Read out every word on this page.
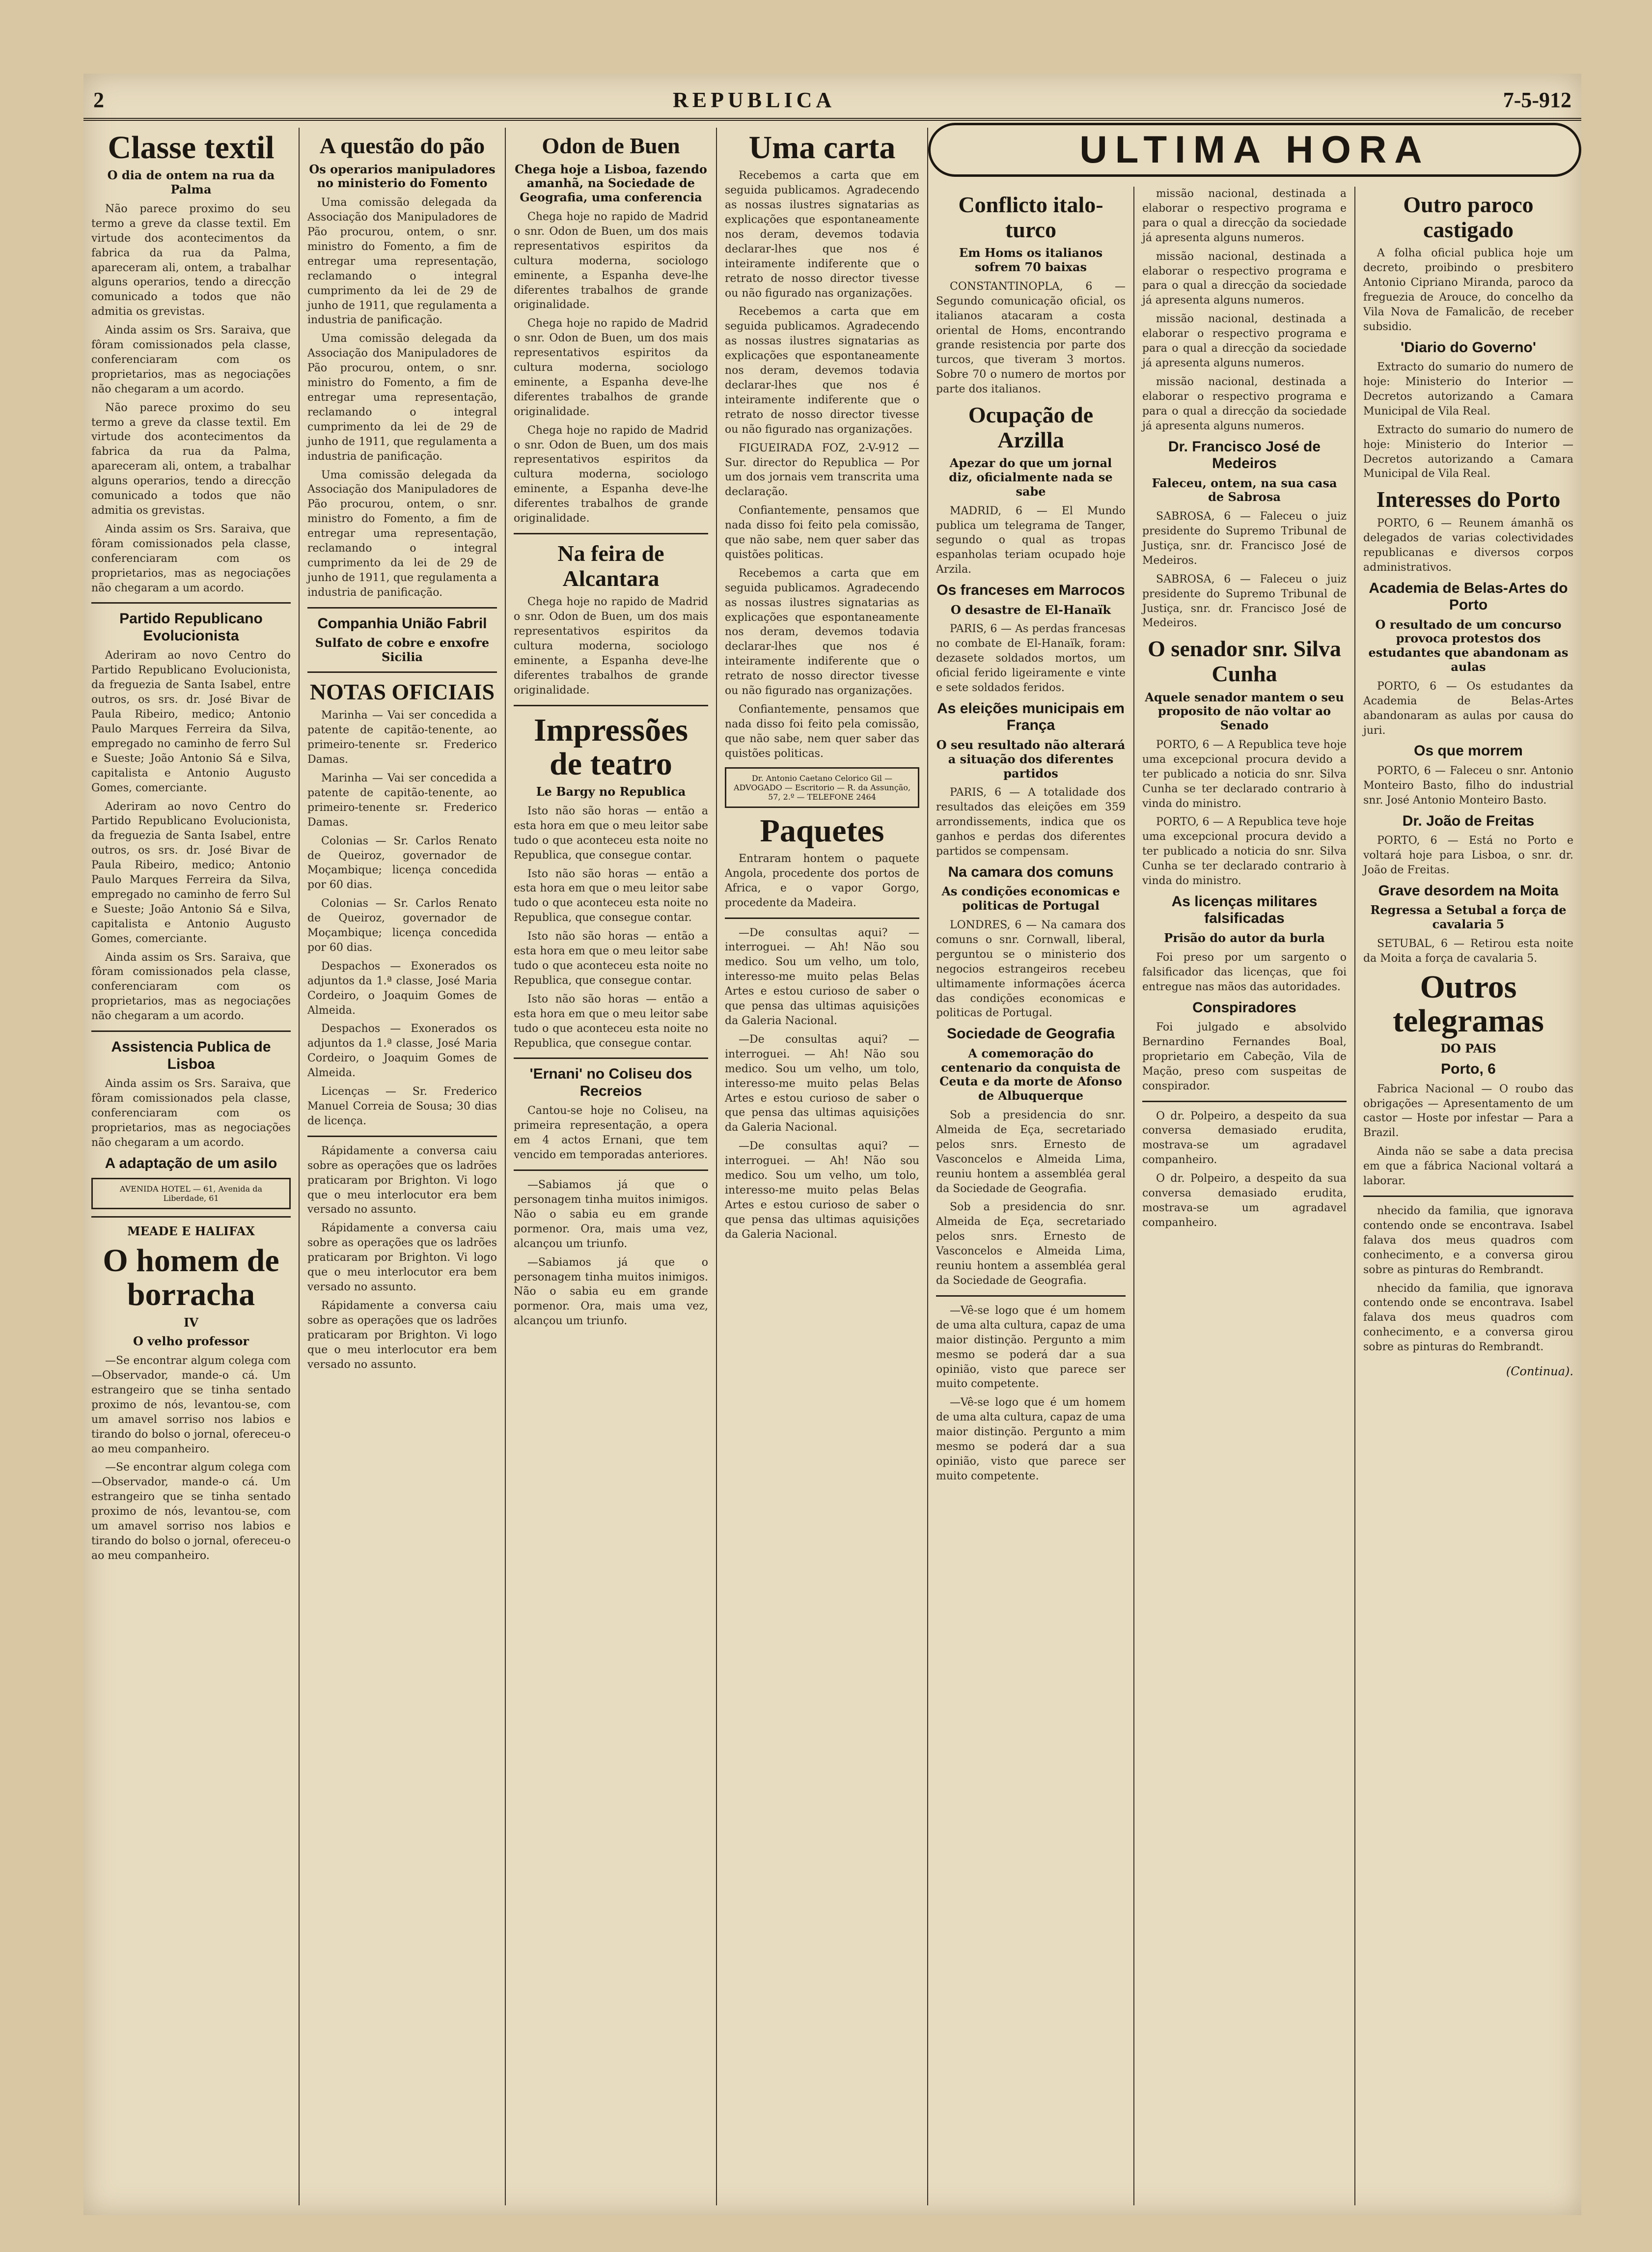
2	REPUBLICA	7-5-912
Classe textil
O dia de ontem na rua da Palma

Não parece proximo do seu termo a greve da classe textil. Em virtude dos acontecimentos da fabrica da rua da Palma, apareceram ali, ontem, a trabalhar alguns operarios, tendo a direcção comunicado a todos que não admitia os grevistas.

Ainda assim os Srs. Saraiva, que fôram comissionados pela classe, conferenciaram com os proprietarios, mas as negociações não chegaram a um acordo.

Não parece proximo do seu termo a greve da classe textil. Em virtude dos acontecimentos da fabrica da rua da Palma, apareceram ali, ontem, a trabalhar alguns operarios, tendo a direcção comunicado a todos que não admitia os grevistas.

Ainda assim os Srs. Saraiva, que fôram comissionados pela classe, conferenciaram com os proprietarios, mas as negociações não chegaram a um acordo.

Partido Republicano Evolucionista

Aderiram ao novo Centro do Partido Republicano Evolucionista, da freguezia de Santa Isabel, entre outros, os srs. dr. José Bivar de Paula Ribeiro, medico; Antonio Paulo Marques Ferreira da Silva, empregado no caminho de ferro Sul e Sueste; João Antonio Sá e Silva, capitalista e Antonio Augusto Gomes, comerciante.

Aderiram ao novo Centro do Partido Republicano Evolucionista, da freguezia de Santa Isabel, entre outros, os srs. dr. José Bivar de Paula Ribeiro, medico; Antonio Paulo Marques Ferreira da Silva, empregado no caminho de ferro Sul e Sueste; João Antonio Sá e Silva, capitalista e Antonio Augusto Gomes, comerciante.

Ainda assim os Srs. Saraiva, que fôram comissionados pela classe, conferenciaram com os proprietarios, mas as negociações não chegaram a um acordo.

Assistencia Publica de Lisboa

Ainda assim os Srs. Saraiva, que fôram comissionados pela classe, conferenciaram com os proprietarios, mas as negociações não chegaram a um acordo.

A adaptação de um asilo
AVENIDA HOTEL — 61, Avenida da Liberdade, 61
MEADE E HALIFAX
O homem de borracha
IV
O velho professor

—Se encontrar algum colega com—Observador, mande-o cá. Um estrangeiro que se tinha sentado proximo de nós, levantou-se, com um amavel sorriso nos labios e tirando do bolso o jornal, ofereceu-o ao meu companheiro.

—Se encontrar algum colega com—Observador, mande-o cá. Um estrangeiro que se tinha sentado proximo de nós, levantou-se, com um amavel sorriso nos labios e tirando do bolso o jornal, ofereceu-o ao meu companheiro.

A questão do pão
Os operarios manipuladores no ministerio do Fomento

Uma comissão delegada da Associação dos Manipuladores de Pão procurou, ontem, o snr. ministro do Fomento, a fim de entregar uma representação, reclamando o integral cumprimento da lei de 29 de junho de 1911, que regulamenta a industria de panificação.

Uma comissão delegada da Associação dos Manipuladores de Pão procurou, ontem, o snr. ministro do Fomento, a fim de entregar uma representação, reclamando o integral cumprimento da lei de 29 de junho de 1911, que regulamenta a industria de panificação.

Uma comissão delegada da Associação dos Manipuladores de Pão procurou, ontem, o snr. ministro do Fomento, a fim de entregar uma representação, reclamando o integral cumprimento da lei de 29 de junho de 1911, que regulamenta a industria de panificação.

Companhia União Fabril
Sulfato de cobre e enxofre Sicilia
NOTAS OFICIAIS

Marinha — Vai ser concedida a patente de capitão-tenente, ao primeiro-tenente sr. Frederico Damas.

Marinha — Vai ser concedida a patente de capitão-tenente, ao primeiro-tenente sr. Frederico Damas.

Colonias — Sr. Carlos Renato de Queiroz, governador de Moçambique; licença concedida por 60 dias.

Colonias — Sr. Carlos Renato de Queiroz, governador de Moçambique; licença concedida por 60 dias.

Despachos — Exonerados os adjuntos da 1.ª classe, José Maria Cordeiro, o Joaquim Gomes de Almeida.

Despachos — Exonerados os adjuntos da 1.ª classe, José Maria Cordeiro, o Joaquim Gomes de Almeida.

Licenças — Sr. Frederico Manuel Correia de Sousa; 30 dias de licença.

Rápidamente a conversa caiu sobre as operações que os ladrões praticaram por Brighton. Vi logo que o meu interlocutor era bem versado no assunto.

Rápidamente a conversa caiu sobre as operações que os ladrões praticaram por Brighton. Vi logo que o meu interlocutor era bem versado no assunto.

Rápidamente a conversa caiu sobre as operações que os ladrões praticaram por Brighton. Vi logo que o meu interlocutor era bem versado no assunto.

Odon de Buen
Chega hoje a Lisboa, fazendo amanhã, na Sociedade de Geografia, uma conferencia

Chega hoje no rapido de Madrid o snr. Odon de Buen, um dos mais representativos espiritos da cultura moderna, sociologo eminente, a Espanha deve-lhe diferentes trabalhos de grande originalidade.

Chega hoje no rapido de Madrid o snr. Odon de Buen, um dos mais representativos espiritos da cultura moderna, sociologo eminente, a Espanha deve-lhe diferentes trabalhos de grande originalidade.

Chega hoje no rapido de Madrid o snr. Odon de Buen, um dos mais representativos espiritos da cultura moderna, sociologo eminente, a Espanha deve-lhe diferentes trabalhos de grande originalidade.

Na feira de Alcantara

Chega hoje no rapido de Madrid o snr. Odon de Buen, um dos mais representativos espiritos da cultura moderna, sociologo eminente, a Espanha deve-lhe diferentes trabalhos de grande originalidade.

Impressões de teatro
Le Bargy no Republica

Isto não são horas — então a esta hora em que o meu leitor sabe tudo o que aconteceu esta noite no Republica, que consegue contar.

Isto não são horas — então a esta hora em que o meu leitor sabe tudo o que aconteceu esta noite no Republica, que consegue contar.

Isto não são horas — então a esta hora em que o meu leitor sabe tudo o que aconteceu esta noite no Republica, que consegue contar.

Isto não são horas — então a esta hora em que o meu leitor sabe tudo o que aconteceu esta noite no Republica, que consegue contar.

'Ernani' no Coliseu dos Recreios

Cantou-se hoje no Coliseu, na primeira representação, a opera em 4 actos Ernani, que tem vencido em temporadas anteriores.

—Sabiamos já que o personagem tinha muitos inimigos. Não o sabia eu em grande pormenor. Ora, mais uma vez, alcançou um triunfo.

—Sabiamos já que o personagem tinha muitos inimigos. Não o sabia eu em grande pormenor. Ora, mais uma vez, alcançou um triunfo.

Uma carta

Recebemos a carta que em seguida publicamos. Agradecendo as nossas ilustres signatarias as explicações que espontaneamente nos deram, devemos todavia declarar-lhes que nos é inteiramente indiferente que o retrato de nosso director tivesse ou não figurado nas organizações.

Recebemos a carta que em seguida publicamos. Agradecendo as nossas ilustres signatarias as explicações que espontaneamente nos deram, devemos todavia declarar-lhes que nos é inteiramente indiferente que o retrato de nosso director tivesse ou não figurado nas organizações.

FIGUEIRADA FOZ, 2-V-912 — Sur. director do Republica — Por um dos jornais vem transcrita uma declaração.

Confiantemente, pensamos que nada disso foi feito pela comissão, que não sabe, nem quer saber das quistões politicas.

Recebemos a carta que em seguida publicamos. Agradecendo as nossas ilustres signatarias as explicações que espontaneamente nos deram, devemos todavia declarar-lhes que nos é inteiramente indiferente que o retrato de nosso director tivesse ou não figurado nas organizações.

Confiantemente, pensamos que nada disso foi feito pela comissão, que não sabe, nem quer saber das quistões politicas.

Dr. Antonio Caetano Celorico Gil — ADVOGADO — Escritorio — R. da Assunção, 57, 2.º — TELEFONE 2464
Paquetes

Entraram hontem o paquete Angola, procedente dos portos de Africa, e o vapor Gorgo, procedente da Madeira.

—De consultas aqui? — interroguei. — Ah! Não sou medico. Sou um velho, um tolo, interesso-me muito pelas Belas Artes e estou curioso de saber o que pensa das ultimas aquisições da Galeria Nacional.

—De consultas aqui? — interroguei. — Ah! Não sou medico. Sou um velho, um tolo, interesso-me muito pelas Belas Artes e estou curioso de saber o que pensa das ultimas aquisições da Galeria Nacional.

—De consultas aqui? — interroguei. — Ah! Não sou medico. Sou um velho, um tolo, interesso-me muito pelas Belas Artes e estou curioso de saber o que pensa das ultimas aquisições da Galeria Nacional.

ULTIMA HORA
Conflicto italo-turco
Em Homs os italianos sofrem 70 baixas

CONSTANTINOPLA, 6 — Segundo comunicação oficial, os italianos atacaram a costa oriental de Homs, encontrando grande resistencia por parte dos turcos, que tiveram 3 mortos. Sobre 70 o numero de mortos por parte dos italianos.

Ocupação de Arzilla
Apezar do que um jornal diz, oficialmente nada se sabe

MADRID, 6 — El Mundo publica um telegrama de Tanger, segundo o qual as tropas espanholas teriam ocupado hoje Arzila.

Os franceses em Marrocos
O desastre de El-Hanaïk

PARIS, 6 — As perdas francesas no combate de El-Hanaïk, foram: dezasete soldados mortos, um oficial ferido ligeiramente e vinte e sete soldados feridos.

As eleições municipais em França
O seu resultado não alterará a situação dos diferentes partidos

PARIS, 6 — A totalidade dos resultados das eleições em 359 arrondissements, indica que os ganhos e perdas dos diferentes partidos se compensam.

Na camara dos comuns
As condições economicas e politicas de Portugal

LONDRES, 6 — Na camara dos comuns o snr. Cornwall, liberal, perguntou se o ministerio dos negocios estrangeiros recebeu ultimamente informações ácerca das condições economicas e politicas de Portugal.

Sociedade de Geografia
A comemoração do centenario da conquista de Ceuta e da morte de Afonso de Albuquerque

Sob a presidencia do snr. Almeida de Eça, secretariado pelos snrs. Ernesto de Vasconcelos e Almeida Lima, reuniu hontem a assembléa geral da Sociedade de Geografia.

Sob a presidencia do snr. Almeida de Eça, secretariado pelos snrs. Ernesto de Vasconcelos e Almeida Lima, reuniu hontem a assembléa geral da Sociedade de Geografia.

—Vê-se logo que é um homem de uma alta cultura, capaz de uma maior distinção. Pergunto a mim mesmo se poderá dar a sua opinião, visto que parece ser muito competente.

—Vê-se logo que é um homem de uma alta cultura, capaz de uma maior distinção. Pergunto a mim mesmo se poderá dar a sua opinião, visto que parece ser muito competente.

missão nacional, destinada a elaborar o respectivo programa e para o qual a direcção da sociedade já apresenta alguns numeros.

missão nacional, destinada a elaborar o respectivo programa e para o qual a direcção da sociedade já apresenta alguns numeros.

missão nacional, destinada a elaborar o respectivo programa e para o qual a direcção da sociedade já apresenta alguns numeros.

missão nacional, destinada a elaborar o respectivo programa e para o qual a direcção da sociedade já apresenta alguns numeros.

Dr. Francisco José de Medeiros
Faleceu, ontem, na sua casa de Sabrosa

SABROSA, 6 — Faleceu o juiz presidente do Supremo Tribunal de Justiça, snr. dr. Francisco José de Medeiros.

SABROSA, 6 — Faleceu o juiz presidente do Supremo Tribunal de Justiça, snr. dr. Francisco José de Medeiros.

O senador snr. Silva Cunha
Aquele senador mantem o seu proposito de não voltar ao Senado

PORTO, 6 — A Republica teve hoje uma excepcional procura devido a ter publicado a noticia do snr. Silva Cunha se ter declarado contrario à vinda do ministro.

PORTO, 6 — A Republica teve hoje uma excepcional procura devido a ter publicado a noticia do snr. Silva Cunha se ter declarado contrario à vinda do ministro.

As licenças militares falsificadas
Prisão do autor da burla

Foi preso por um sargento o falsificador das licenças, que foi entregue nas mãos das autoridades.

Conspiradores

Foi julgado e absolvido Bernardino Fernandes Boal, proprietario em Cabeção, Vila de Mação, preso com suspeitas de conspirador.

O dr. Polpeiro, a despeito da sua conversa demasiado erudita, mostrava-se um agradavel companheiro.

O dr. Polpeiro, a despeito da sua conversa demasiado erudita, mostrava-se um agradavel companheiro.

Outro paroco castigado

A folha oficial publica hoje um decreto, proibindo o presbitero Antonio Cipriano Miranda, paroco da freguezia de Arouce, do concelho da Vila Nova de Famalicão, de receber subsidio.

'Diario do Governo'

Extracto do sumario do numero de hoje: Ministerio do Interior — Decretos autorizando a Camara Municipal de Vila Real.

Extracto do sumario do numero de hoje: Ministerio do Interior — Decretos autorizando a Camara Municipal de Vila Real.

Interesses do Porto

PORTO, 6 — Reunem ámanhã os delegados de varias colectividades republicanas e diversos corpos administrativos.

Academia de Belas-Artes do Porto
O resultado de um concurso provoca protestos dos estudantes que abandonam as aulas

PORTO, 6 — Os estudantes da Academia de Belas-Artes abandonaram as aulas por causa do juri.

Os que morrem

PORTO, 6 — Faleceu o snr. Antonio Monteiro Basto, filho do industrial snr. José Antonio Monteiro Basto.

Dr. João de Freitas

PORTO, 6 — Está no Porto e voltará hoje para Lisboa, o snr. dr. João de Freitas.

Grave desordem na Moita
Regressa a Setubal a força de cavalaria 5

SETUBAL, 6 — Retirou esta noite da Moita a força de cavalaria 5.

Outros telegramas
DO PAIS
Porto, 6

Fabrica Nacional — O roubo das obrigações — Apresentamento de um castor — Hoste por infestar — Para a Brazil.

Ainda não se sabe a data precisa em que a fábrica Nacional voltará a laborar.

nhecido da familia, que ignorava contendo onde se encontrava. Isabel falava dos meus quadros com conhecimento, e a conversa girou sobre as pinturas do Rembrandt.

nhecido da familia, que ignorava contendo onde se encontrava. Isabel falava dos meus quadros com conhecimento, e a conversa girou sobre as pinturas do Rembrandt.

(Continua).
